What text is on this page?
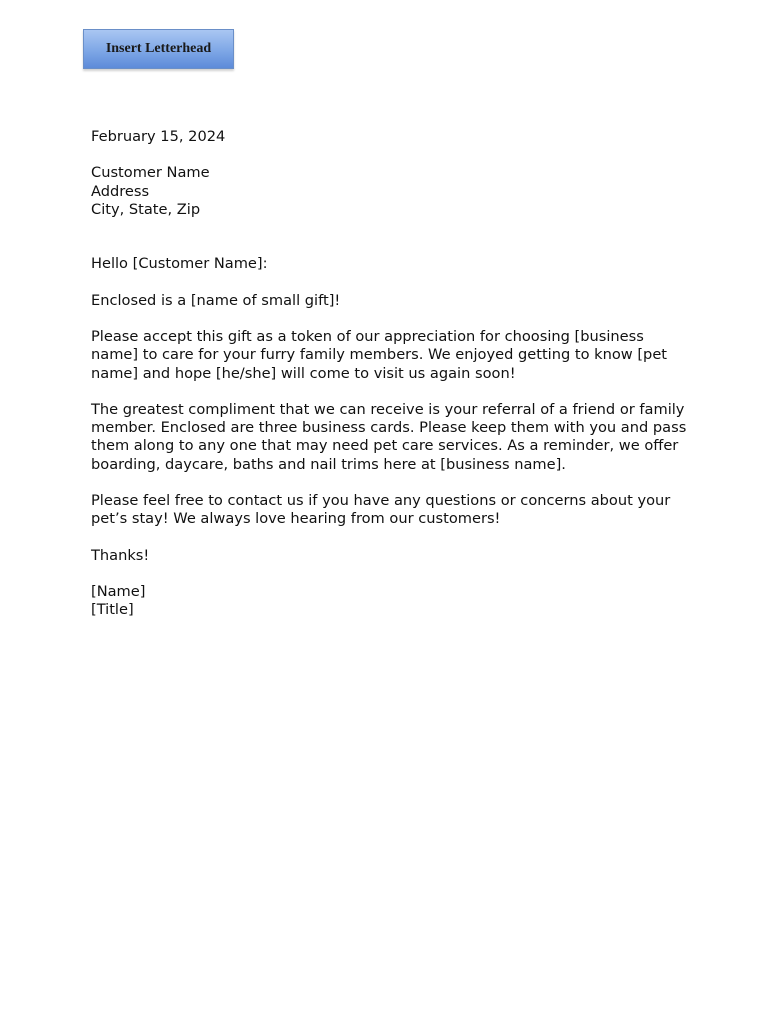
Insert Letterhead

February 15, 2024

Customer Name
Address
City, State, Zip

Hello [Customer Name]:

Enclosed is a [name of small gift]!

Please accept this gift as a token of our appreciation for choosing [business name] to care for your furry family members. We enjoyed getting to know [pet name] and hope [he/she] will come to visit us again soon!

The greatest compliment that we can receive is your referral of a friend or family member. Enclosed are three business cards. Please keep them with you and pass them along to any one that may need pet care services. As a reminder, we offer boarding, daycare, baths and nail trims here at [business name].

Please feel free to contact us if you have any questions or concerns about your pet’s stay! We always love hearing from our customers!

Thanks!

[Name]
[Title]
